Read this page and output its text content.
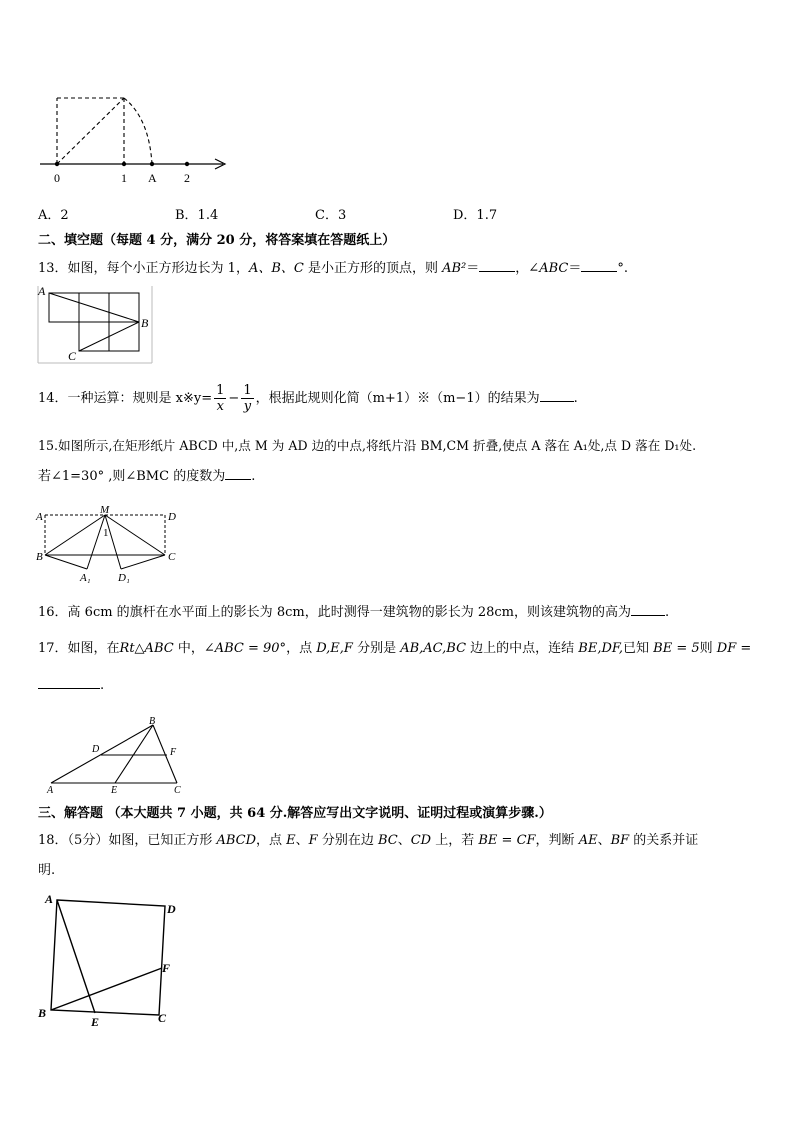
0	1 A 2
A．2	B．1.4	C．3	D．1.7
二、填空题（每题 4 分，满分 20 分，将答案填在答题纸上）
13．如图，每个小正方形边长为 1，A、B、C 是小正方形的顶点，则 AB²＝	，∠ABC＝	°.
A
B
C
14．一种运算：规则是 x※y= $\frac{1}{x} - \frac{1}{y}$ ，根据此规则化简（m+1）※（m−1）的结果为	.
15.如图所示,在矩形纸片 ABCD 中,点 M 为 AD 边的中点,将纸片沿 BM,CM 折叠,使点 A 落在 A₁处,点 D 落在 D₁处.
若∠1=30° ,则∠BMC 的度数为 .
A
M
D
1
B	C
A₁ D₁
16．高 6cm 的旗杆在水平面上的影长为 8cm，此时测得一建筑物的影长为 28cm，则该建筑物的高为	.
17．如图，在Rt△ABC 中，∠ABC = 90°，点 D,E,F 分别是 AB,AC,BC 边上的中点，连结 BE,DF,已知 BE = 5则 DF =
.
B
D	F
A	E	C
三、解答题 （本大题共 7 小题，共 64 分.解答应写出文字说明、证明过程或演算步骤.）
18．（5分）如图，已知正方形 ABCD，点 E、F 分别在边 BC、CD 上，若 BE = CF，判断 AE、BF 的关系并证
明.
A
D
F
B
E	C
